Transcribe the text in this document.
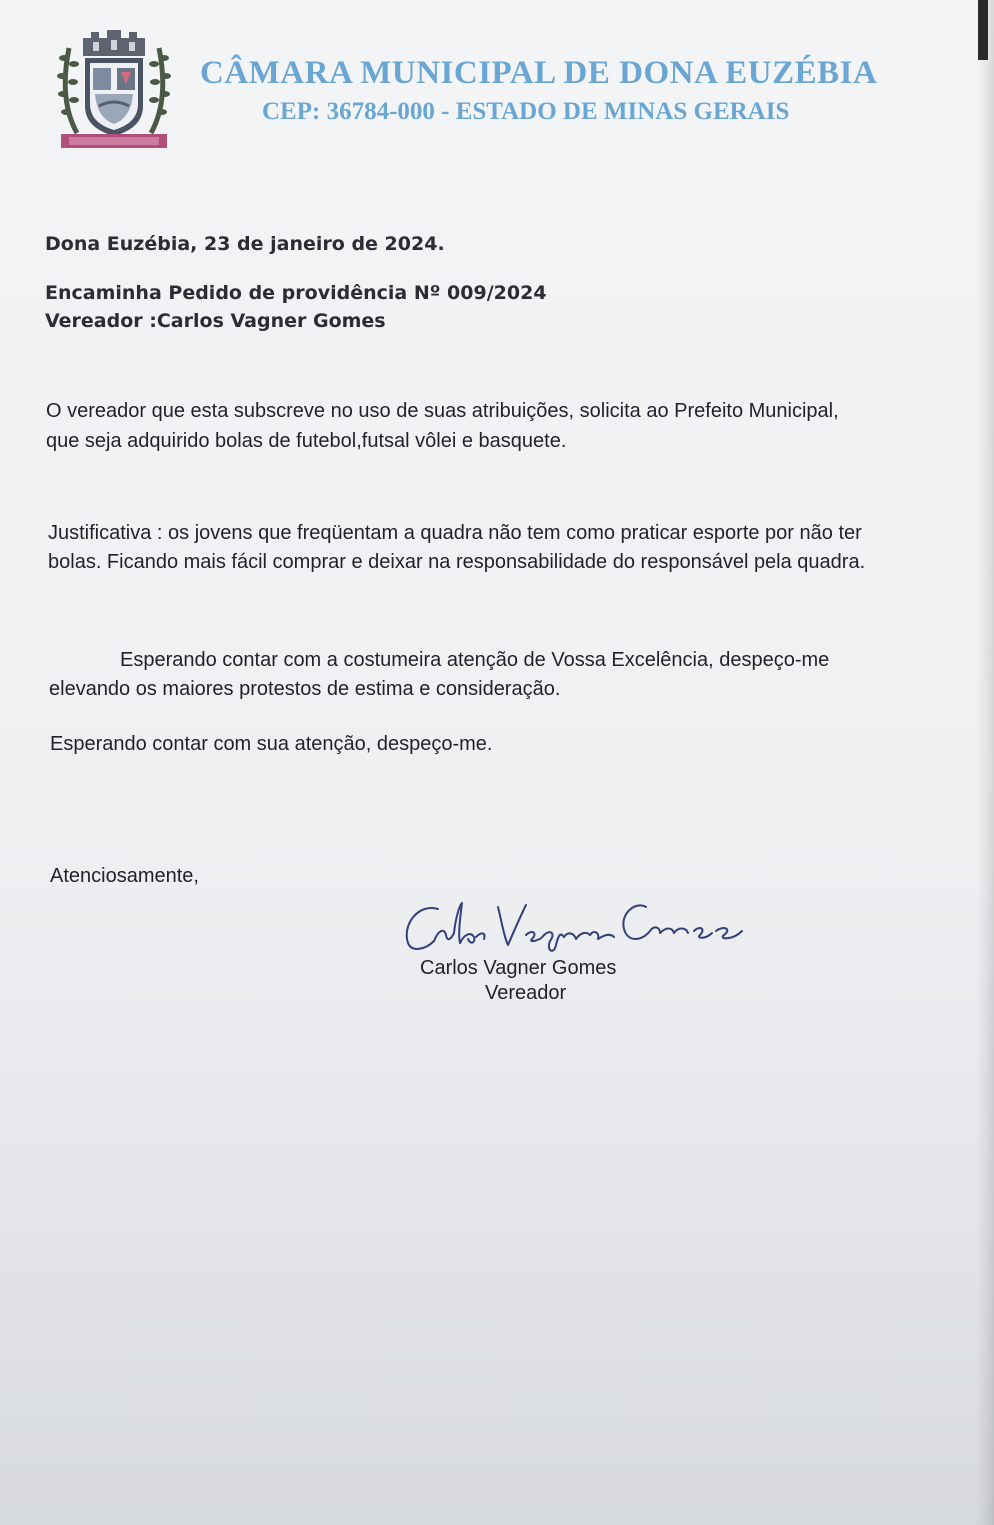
CÂMARA MUNICIPAL DE DONA EUZÉBIA
CEP: 36784-000 - ESTADO DE MINAS GERAIS
Dona Euzébia, 23 de janeiro de 2024.
Encaminha Pedido de providência Nº 009/2024
Vereador :Carlos Vagner Gomes
O vereador que esta subscreve no uso de suas atribuições, solicita ao Prefeito Municipal,
que seja adquirido bolas de futebol,futsal vôlei e basquete.
Justificativa : os jovens que freqüentam a quadra não tem como praticar esporte por não ter
bolas. Ficando mais fácil comprar e deixar na responsabilidade do responsável pela quadra.
Esperando contar com a costumeira atenção de Vossa Excelência, despeço-me
elevando os maiores protestos de estima e consideração.
Esperando contar com sua atenção, despeço-me.
Atenciosamente,
Carlos Vagner Gomes
Carlos Vagner Gomes
Vereador
